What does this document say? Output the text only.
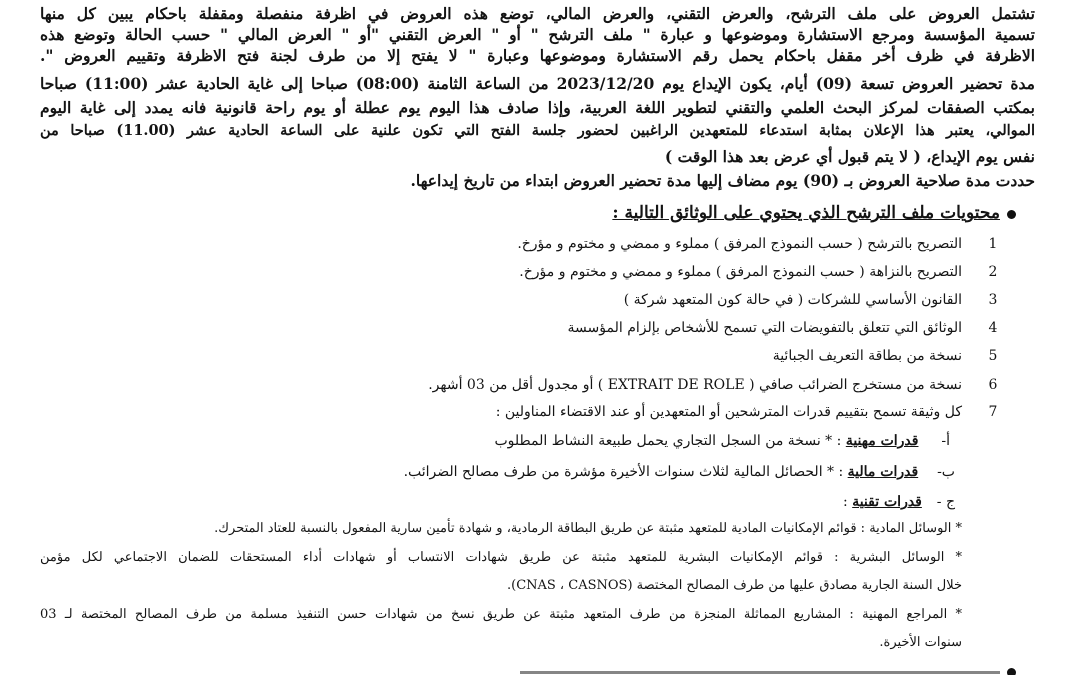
تشتمل العروض على ملف الترشح، والعرض التقني، والعرض المالي، توضع هذه العروض في اظرفة منفصلة ومقفلة باحكام يبين كل منها
تسمية المؤسسة ومرجع الاستشارة وموضوعها و عبارة " ملف الترشح " أو " العرض التقني "أو " العرض المالي " حسب الحالة وتوضع هذه
الاظرفة في ظرف أخر مقفل باحكام يحمل رقم الاستشارة وموضوعها وعبارة " لا يفتح إلا من طرف لجنة فتح الاظرفة وتقييم العروض ".
مدة تحضير العروض تسعة (09) أيام، يكون الإيداع يوم 2023/12/20 من الساعة الثامنة (08:00) صباحا إلى غاية الحادية عشر (11:00) صباحا
بمكتب الصفقات لمركز البحث العلمي والتقني لتطوير اللغة العربية، وإذا صادف هذا اليوم يوم عطلة أو يوم راحة قانونية فانه يمدد إلى غاية اليوم
الموالي، يعتبر هذا الإعلان بمثابة استدعاء للمتعهدين الراغبين لحضور جلسة الفتح التي تكون علنية على الساعة الحادية عشر (11.00) صباحا من
نفس يوم الإيداع، ( لا يتم قبول أي عرض بعد هذا الوقت )
حددت مدة صلاحية العروض بـ (90) يوم مضاف إليها مدة تحضير العروض ابتداء من تاريخ إيداعها.
محتويات ملف الترشح الذي يحتوي على الوثائق التالية :
1
التصريح بالترشح ( حسب النموذج المرفق ) مملوء و ممضي و مختوم و مؤرخ.
2
التصريح بالنزاهة ( حسب النموذج المرفق ) مملوء و ممضي و مختوم و مؤرخ.
3
القانون الأساسي للشركات ( في حالة كون المتعهد شركة )
4
الوثائق التي تتعلق بالتفويضات التي تسمح للأشخاص بإلزام المؤسسة
5
نسخة من بطاقة التعريف الجبائية
6
نسخة من مستخرج الضرائب صافي ( EXTRAIT DE ROLE ) أو مجدول أقل من 03 أشهر.
7
كل وثيقة تسمح بتقييم قدرات المترشحين أو المتعهدين أو عند الاقتضاء المناولين :
أ-  قدرات مهنية : * نسخة من السجل التجاري يحمل طبيعة النشاط المطلوب
ب-  قدرات مالية : * الحصائل المالية لثلاث سنوات الأخيرة مؤشرة من طرف مصالح الضرائب.
ج -  قدرات تقنية :
* الوسائل المادية : قوائم الإمكانيات المادية للمتعهد مثبتة عن طريق البطاقة الرمادية، و شهادة تأمين سارية المفعول بالنسبة للعتاد المتحرك.
* الوسائل البشرية : قوائم الإمكانيات البشرية للمتعهد مثبتة عن طريق شهادات الانتساب أو شهادات أداء المستحقات للضمان الاجتماعي لكل مؤمن
خلال السنة الجارية مصادق عليها من طرف المصالح المختصة (CNAS ، CASNOS).
* المراجع المهنية : المشاريع المماثلة المنجزة من طرف المتعهد مثبتة عن طريق نسخ من شهادات حسن التنفيذ مسلمة من طرف المصالح المختصة لـ 03
سنوات الأخيرة.
